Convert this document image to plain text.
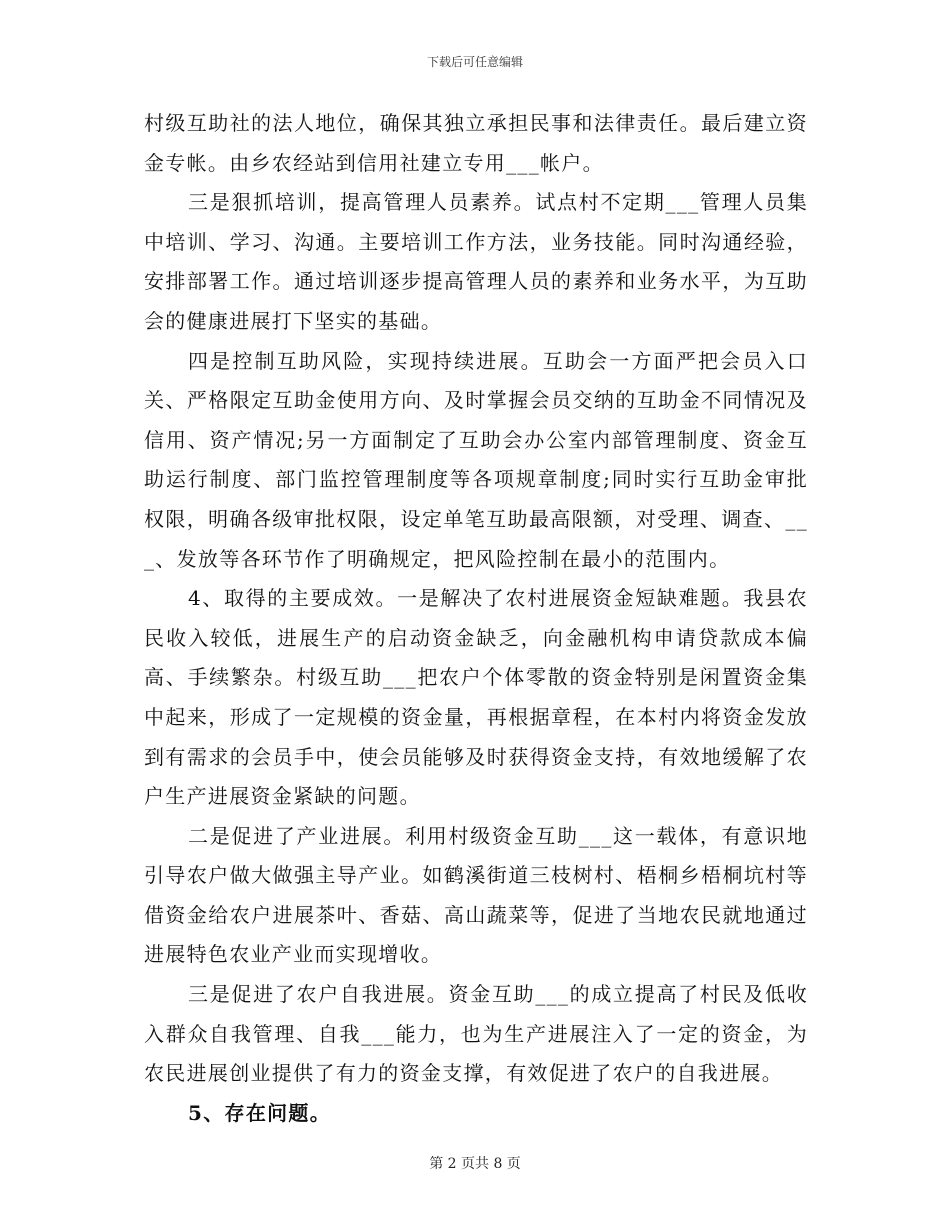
下载后可任意编辑

村级互助社的法人地位，确保其独立承担民事和法律责任。最后建立资金专帐。由乡农经站到信用社建立专用___帐户。

三是狠抓培训，提高管理人员素养。试点村不定期___管理人员集中培训、学习、沟通。主要培训工作方法，业务技能。同时沟通经验，安排部署工作。通过培训逐步提高管理人员的素养和业务水平，为互助会的健康进展打下坚实的基础。

四是控制互助风险，实现持续进展。互助会一方面严把会员入口关、严格限定互助金使用方向、及时掌握会员交纳的互助金不同情况及信用、资产情况;另一方面制定了互助会办公室内部管理制度、资金互助运行制度、部门监控管理制度等各项规章制度;同时实行互助金审批权限，明确各级审批权限，设定单笔互助最高限额，对受理、调查、___、发放等各环节作了明确规定，把风险控制在最小的范围内。

4、取得的主要成效。一是解决了农村进展资金短缺难题。我县农民收入较低，进展生产的启动资金缺乏，向金融机构申请贷款成本偏高、手续繁杂。村级互助___把农户个体零散的资金特别是闲置资金集中起来，形成了一定规模的资金量，再根据章程，在本村内将资金发放到有需求的会员手中，使会员能够及时获得资金支持，有效地缓解了农户生产进展资金紧缺的问题。

二是促进了产业进展。利用村级资金互助___这一载体，有意识地引导农户做大做强主导产业。如鹤溪街道三枝树村、梧桐乡梧桐坑村等借资金给农户进展茶叶、香菇、高山蔬菜等，促进了当地农民就地通过进展特色农业产业而实现增收。

三是促进了农户自我进展。资金互助___的成立提高了村民及低收入群众自我管理、自我___能力，也为生产进展注入了一定的资金，为农民进展创业提供了有力的资金支撑，有效促进了农户的自我进展。

5、存在问题。

第 2 页共 8 页
